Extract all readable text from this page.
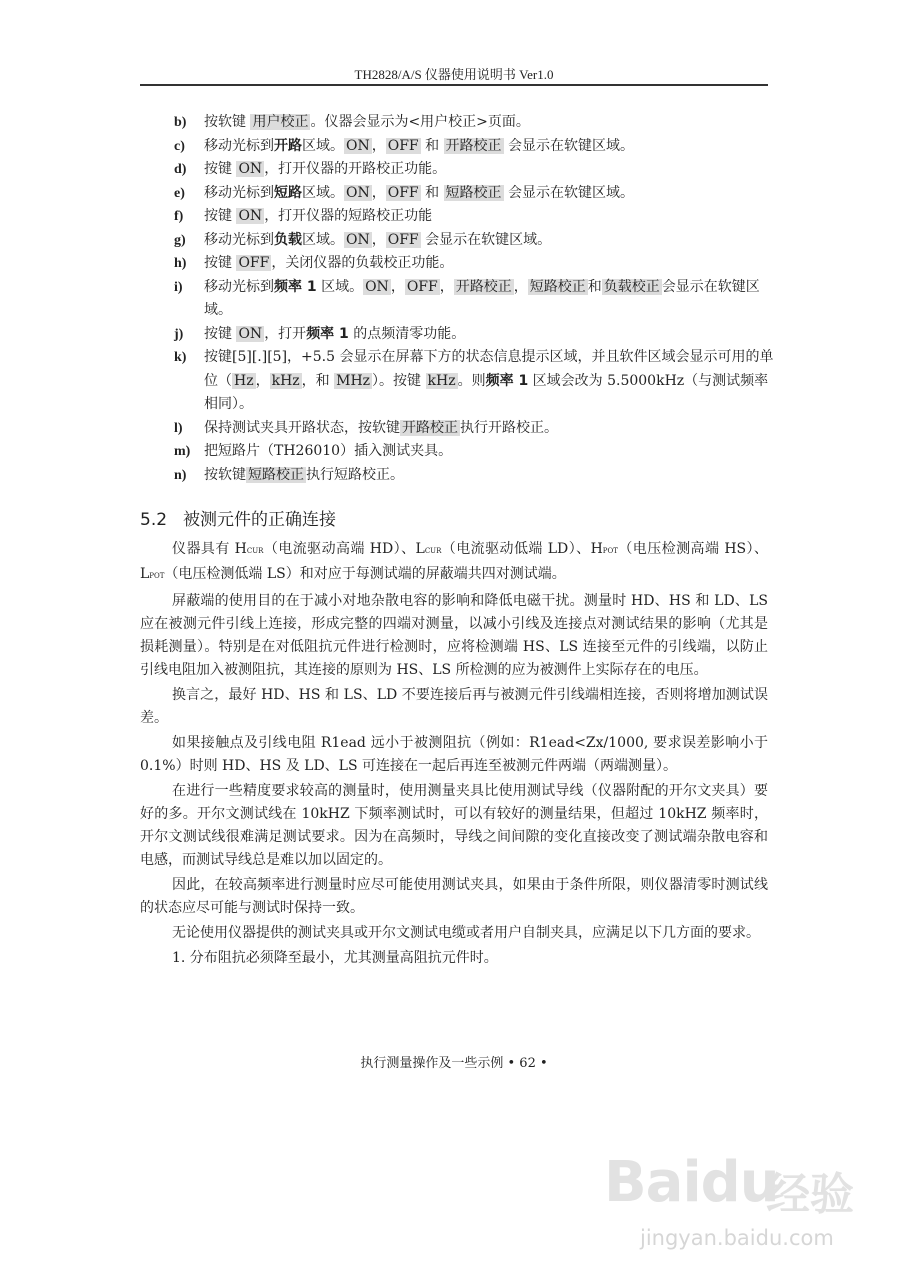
TH2828/A/S 仪器使用说明书 Ver1.0
b) 按软键 用户校正 。仪器会显示为<用户校正>页面。
c) 移动光标到开路区域。 ON ， OFF 和 开路校正 会显示在软键区域。
d) 按键 ON ，打开仪器的开路校正功能。
e) 移动光标到短路区域。 ON ， OFF 和 短路校正 会显示在软键区域。
f) 按键 ON ，打开仪器的短路校正功能
g) 移动光标到负载区域。 ON ， OFF 会显示在软键区域。
h) 按键 OFF ，关闭仪器的负载校正功能。
i) 移动光标到频率 1 区域。 ON ， OFF ， 开路校正 ， 短路校正 和 负载校正 会显示在软键区域。
j) 按键 ON ，打开频率 1 的点频清零功能。
k) 按键[5][.][5]，+5.5 会显示在屏幕下方的状态信息提示区域，并且软件区域会显示可用的单位（ Hz ， kHz ，和 MHz ）。按键 kHz 。则频率 1 区域会改为 5.5000kHz（与测试频率相同）。
l) 保持测试夹具开路状态，按软键 开路校正 执行开路校正。
m) 把短路片（TH26010）插入测试夹具。
n) 按软键 短路校正 执行短路校正。
5.2 被测元件的正确连接

仪器具有 HCUR（电流驱动高端 HD）、LCUR（电流驱动低端 LD）、HPOT（电压检测高端 HS）、LPOT（电压检测低端 LS）和对应于每测试端的屏蔽端共四对测试端。

屏蔽端的使用目的在于减小对地杂散电容的影响和降低电磁干扰。测量时 HD、HS 和 LD、LS 应在被测元件引线上连接，形成完整的四端对测量，以减小引线及连接点对测试结果的影响（尤其是损耗测量）。特别是在对低阻抗元件进行检测时，应将检测端 HS、LS 连接至元件的引线端，以防止引线电阻加入被测阻抗，其连接的原则为 HS、LS 所检测的应为被测件上实际存在的电压。

换言之，最好 HD、HS 和 LS、LD 不要连接后再与被测元件引线端相连接，否则将增加测试误差。

如果接触点及引线电阻 R1ead 远小于被测阻抗（例如：R1ead<Zx/1000, 要求误差影响小于 0.1%）时则 HD、HS 及 LD、LS 可连接在一起后再连至被测元件两端（两端测量）。

在进行一些精度要求较高的测量时，使用测量夹具比使用测试导线（仪器附配的开尔文夹具）要好的多。开尔文测试线在 10kHZ 下频率测试时，可以有较好的测量结果，但超过 10kHZ 频率时，开尔文测试线很难满足测试要求。因为在高频时，导线之间间隙的变化直接改变了测试端杂散电容和电感，而测试导线总是难以加以固定的。

因此，在较高频率进行测量时应尽可能使用测试夹具，如果由于条件所限，则仪器清零时测试线的状态应尽可能与测试时保持一致。

无论使用仪器提供的测试夹具或开尔文测试电缆或者用户自制夹具，应满足以下几方面的要求。

1. 分布阻抗必须降至最小，尤其测量高阻抗元件时。

执行测量操作及一些示例 • 62 •
Baidu
经验
jingyan.baidu.com
